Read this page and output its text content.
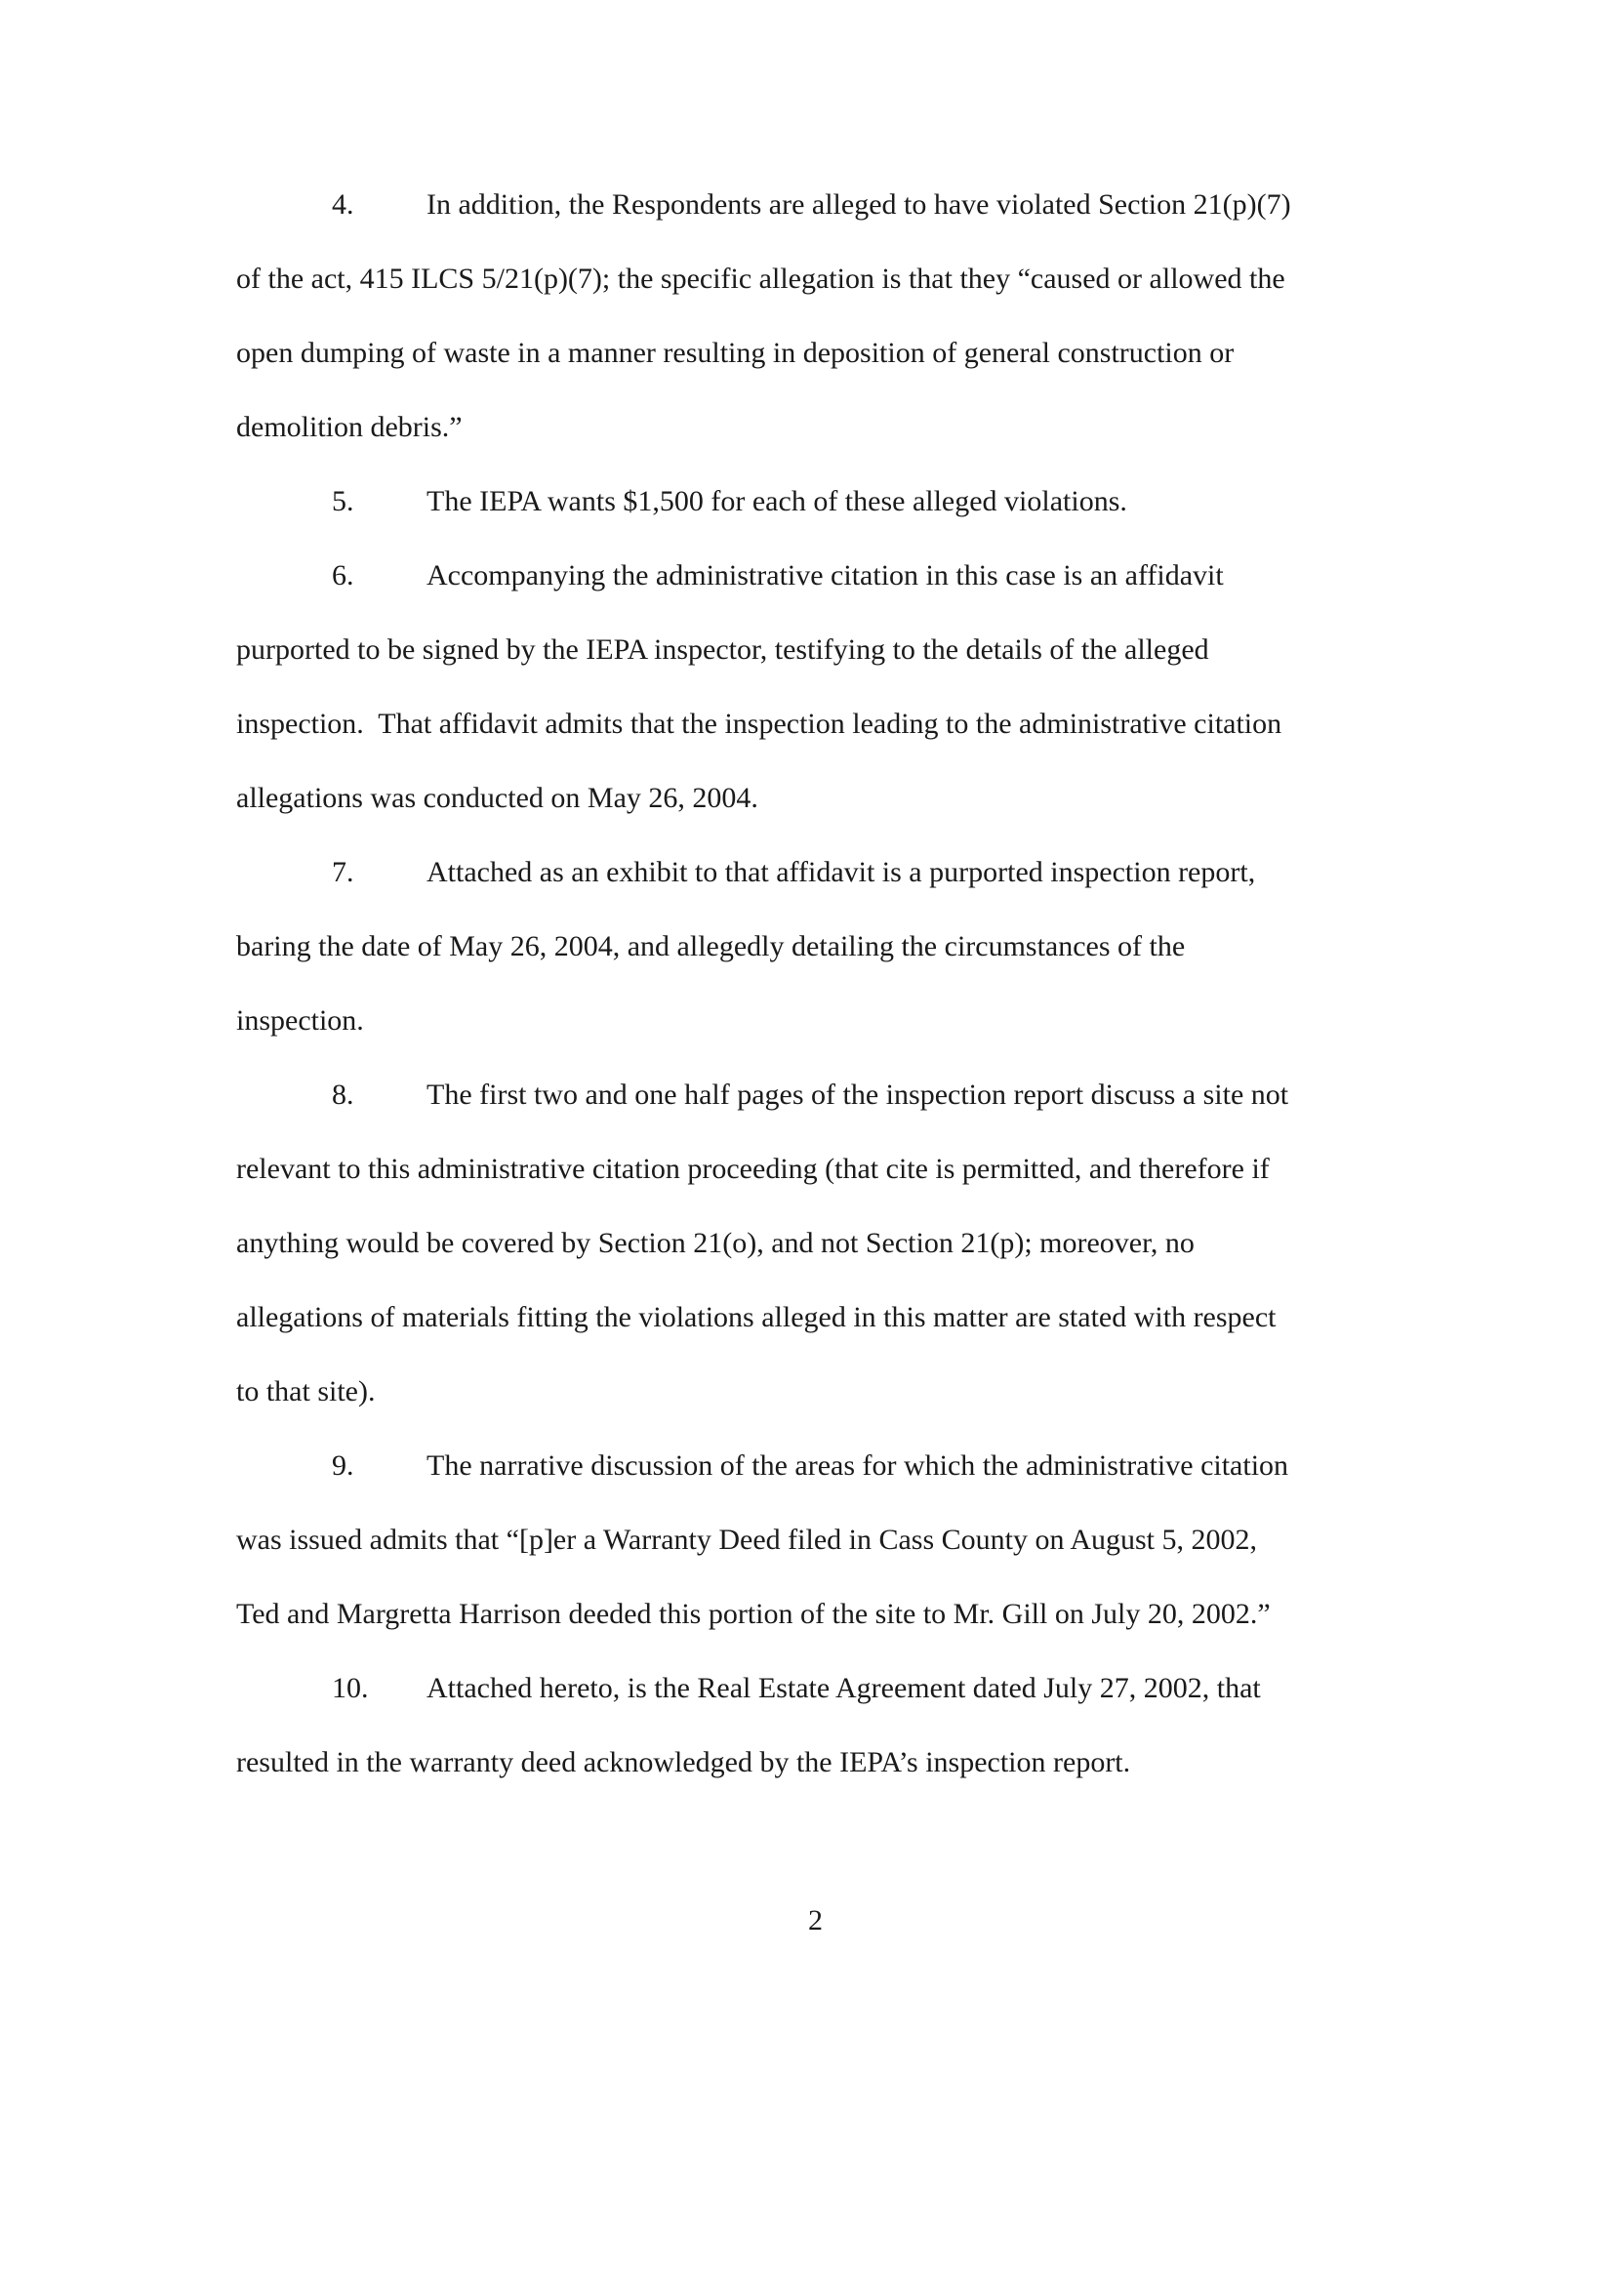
4. In addition, the Respondents are alleged to have violated Section 21(p)(7)
of the act, 415 ILCS 5/21(p)(7); the specific allegation is that they “caused or allowed the
open dumping of waste in a manner resulting in deposition of general construction or
demolition debris.”
5. The IEPA wants $1,500 for each of these alleged violations.
6. Accompanying the administrative citation in this case is an affidavit
purported to be signed by the IEPA inspector, testifying to the details of the alleged
inspection.  That affidavit admits that the inspection leading to the administrative citation
allegations was conducted on May 26, 2004.
7. Attached as an exhibit to that affidavit is a purported inspection report,
baring the date of May 26, 2004, and allegedly detailing the circumstances of the
inspection.
8. The first two and one half pages of the inspection report discuss a site not
relevant to this administrative citation proceeding (that cite is permitted, and therefore if
anything would be covered by Section 21(o), and not Section 21(p); moreover, no
allegations of materials fitting the violations alleged in this matter are stated with respect
to that site).
9. The narrative discussion of the areas for which the administrative citation
was issued admits that “[p]er a Warranty Deed filed in Cass County on August 5, 2002,
Ted and Margretta Harrison deeded this portion of the site to Mr. Gill on July 20, 2002.”
10. Attached hereto, is the Real Estate Agreement dated July 27, 2002, that
resulted in the warranty deed acknowledged by the IEPA’s inspection report.
2
